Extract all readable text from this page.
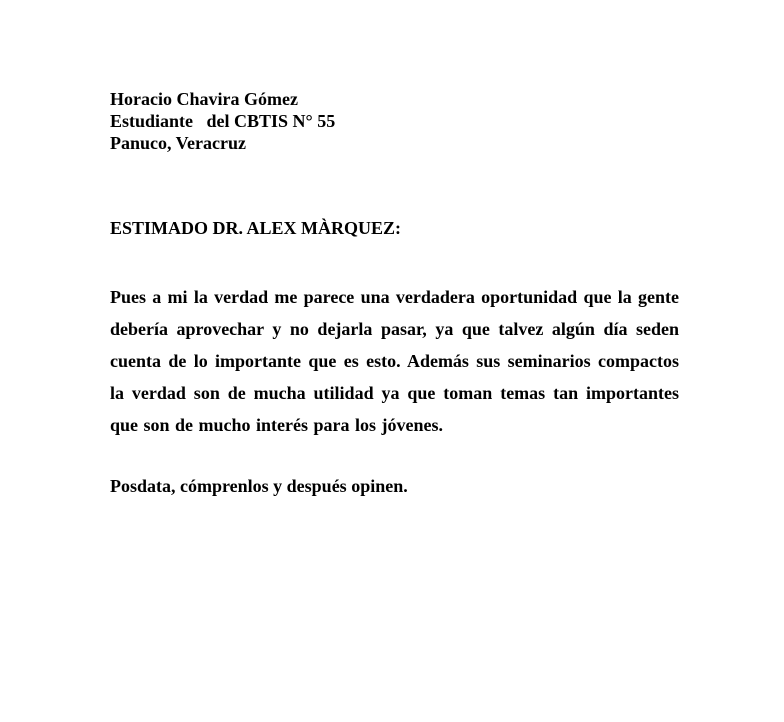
Horacio Chavira Gómez
Estudiante   del CBTIS N° 55
Panuco, Veracruz
ESTIMADO DR. ALEX MÀRQUEZ:
Pues a mi la verdad me parece una verdadera oportunidad que la gente debería aprovechar y no dejarla pasar, ya que talvez algún día seden cuenta de lo importante que es esto. Además sus seminarios compactos la verdad son de mucha utilidad ya que toman temas tan importantes que son de mucho interés para los jóvenes.
Posdata, cómprenlos y después opinen.
